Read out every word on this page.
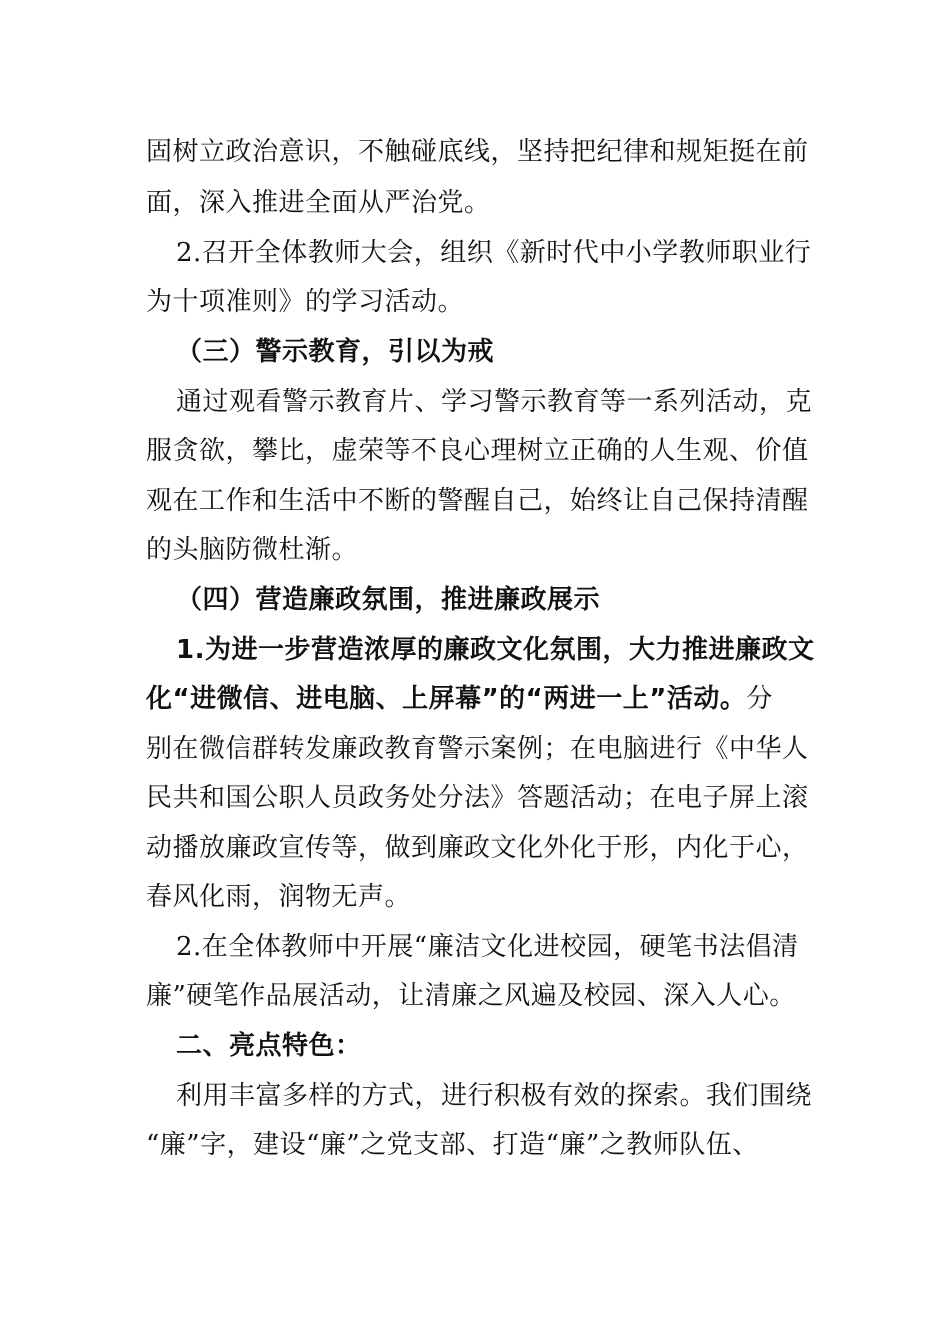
固树立政治意识，不触碰底线，坚持把纪律和规矩挺在前
面，深入推进全面从严治党。
2.召开全体教师大会，组织《新时代中小学教师职业行
为十项准则》的学习活动。
（三）警示教育，引以为戒
通过观看警示教育片、学习警示教育等一系列活动，克
服贪欲，攀比，虚荣等不良心理树立正确的人生观、价值
观在工作和生活中不断的警醒自己，始终让自己保持清醒
的头脑防微杜渐。
（四）营造廉政氛围，推进廉政展示
1.为进一步营造浓厚的廉政文化氛围，大力推进廉政文
化“进微信、进电脑、上屏幕”的“两进一上”活动。分
别在微信群转发廉政教育警示案例；在电脑进行《中华人
民共和国公职人员政务处分法》答题活动；在电子屏上滚
动播放廉政宣传等，做到廉政文化外化于形，内化于心，
春风化雨，润物无声。
2.在全体教师中开展“廉洁文化进校园，硬笔书法倡清
廉”硬笔作品展活动，让清廉之风遍及校园、深入人心。
二、亮点特色：
利用丰富多样的方式，进行积极有效的探索。我们围绕
“廉”字，建设“廉”之党支部、打造“廉”之教师队伍、
